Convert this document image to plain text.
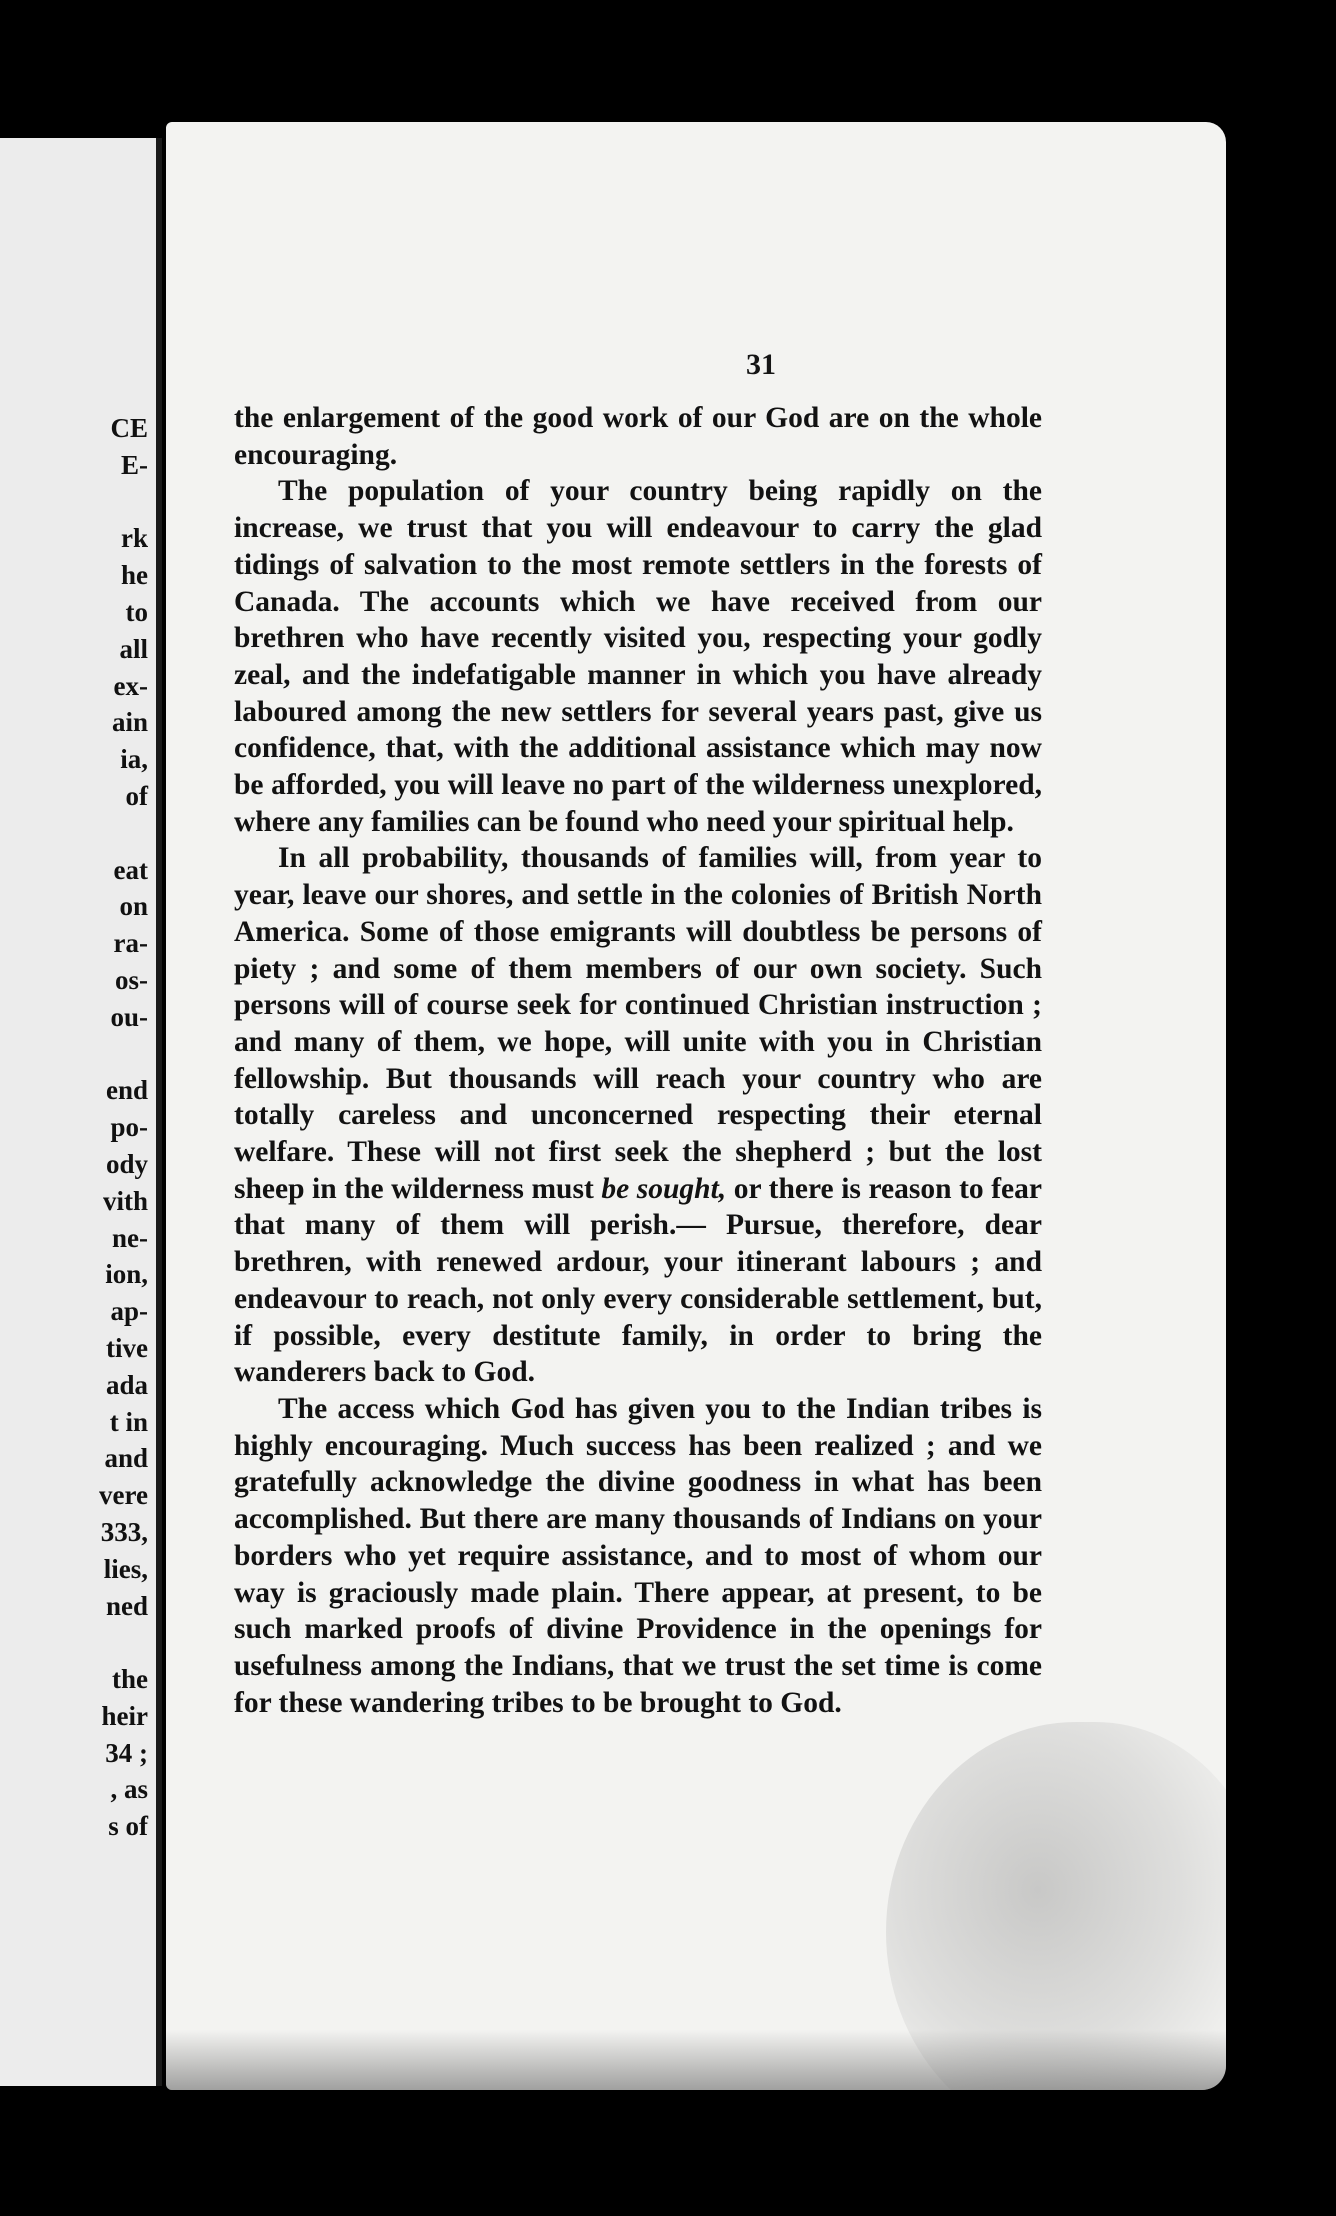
CE
E-
rk
he
to
all
ex-
ain
ia,
of
eat
on
ra-
os-
ou-
end
po-
ody
vith
ne-
ion,
ap-
tive
ada
t in
and
vere
333,
lies,
ned
the
heir
34 ;
, as
s of
31

the enlargement of the good work of our God are on the whole encouraging.

The population of your country being rapidly on the increase, we trust that you will endeavour to carry the glad tidings of salvation to the most remote settlers in the forests of Canada. The accounts which we have received from our brethren who have recently visited you, respecting your godly zeal, and the indefatigable manner in which you have already laboured among the new settlers for several years past, give us confidence, that, with the additional assistance which may now be afforded, you will leave no part of the wilderness unexplored, where any families can be found who need your spiritual help.

In all probability, thousands of families will, from year to year, leave our shores, and settle in the colonies of British North America. Some of those emigrants will doubtless be persons of piety ; and some of them members of our own society. Such persons will of course seek for continued Christian instruction ; and many of them, we hope, will unite with you in Christian fellowship. But thousands will reach your country who are totally careless and unconcerned respecting their eternal welfare. These will not first seek the shepherd ; but the lost sheep in the wilderness must be sought, or there is reason to fear that many of them will perish.— Pursue, therefore, dear brethren, with renewed ardour, your itinerant labours ; and endeavour to reach, not only every considerable settlement, but, if possible, every destitute family, in order to bring the wanderers back to God.

The access which God has given you to the Indian tribes is highly encouraging. Much success has been realized ; and we gratefully acknowledge the divine goodness in what has been accomplished. But there are many thousands of Indians on your borders who yet require assistance, and to most of whom our way is graciously made plain. There appear, at present, to be such marked proofs of divine Providence in the openings for usefulness among the Indians, that we trust the set time is come for these wandering tribes to be brought to God.
